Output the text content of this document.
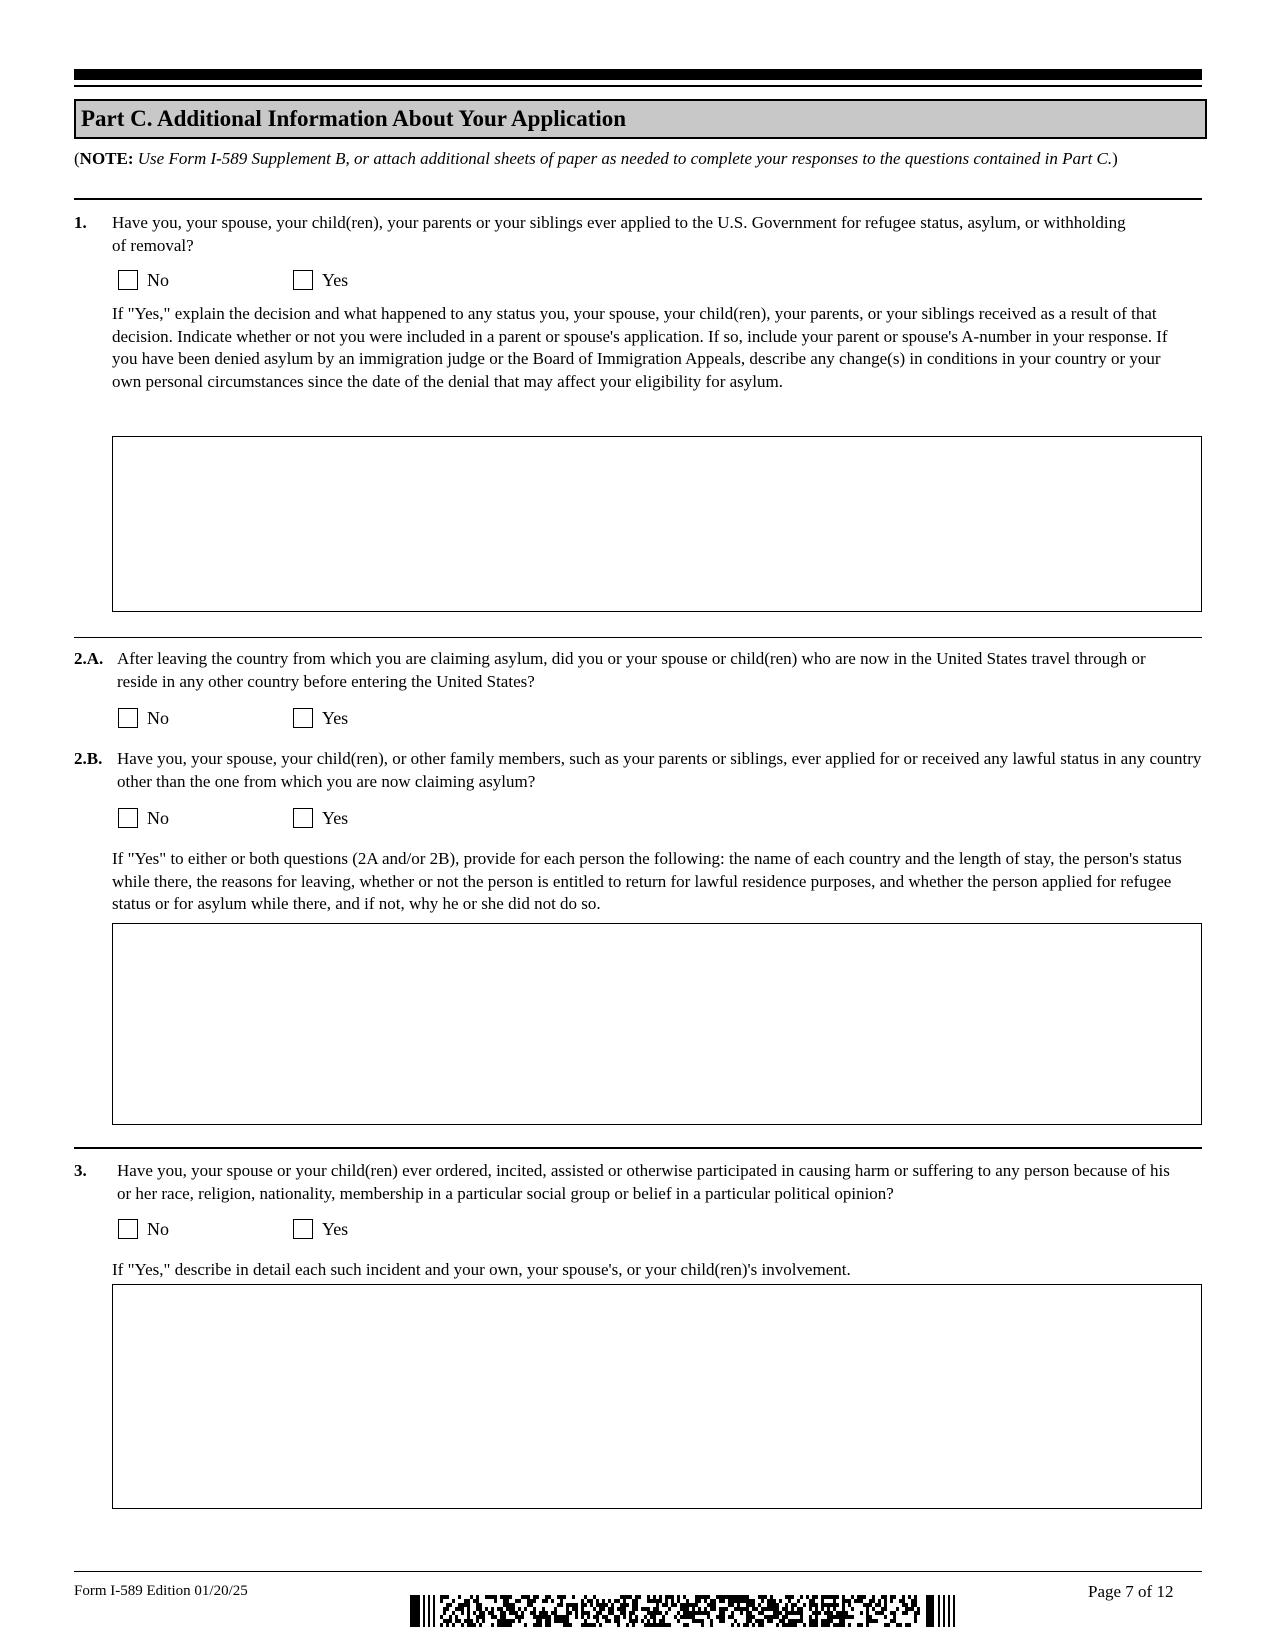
Part C. Additional Information About Your Application
(NOTE: Use Form I-589 Supplement B, or attach additional sheets of paper as needed to complete your responses to the questions contained in Part C.)
1. Have you, your spouse, your child(ren), your parents or your siblings ever applied to the U.S. Government for refugee status, asylum, or withholding of removal?
No	Yes
If "Yes," explain the decision and what happened to any status you, your spouse, your child(ren), your parents, or your siblings received as a result of that decision. Indicate whether or not you were included in a parent or spouse's application. If so, include your parent or spouse's A-number in your response. If you have been denied asylum by an immigration judge or the Board of Immigration Appeals, describe any change(s) in conditions in your country or your own personal circumstances since the date of the denial that may affect your eligibility for asylum.
2.A. After leaving the country from which you are claiming asylum, did you or your spouse or child(ren) who are now in the United States travel through or reside in any other country before entering the United States?
No	Yes
2.B. Have you, your spouse, your child(ren), or other family members, such as your parents or siblings, ever applied for or received any lawful status in any country other than the one from which you are now claiming asylum?
No	Yes
If "Yes" to either or both questions (2A and/or 2B), provide for each person the following: the name of each country and the length of stay, the person's status while there, the reasons for leaving, whether or not the person is entitled to return for lawful residence purposes, and whether the person applied for refugee status or for asylum while there, and if not, why he or she did not do so.
3. Have you, your spouse or your child(ren) ever ordered, incited, assisted or otherwise participated in causing harm or suffering to any person because of his or her race, religion, nationality, membership in a particular social group or belief in a particular political opinion?
No	Yes
If "Yes," describe in detail each such incident and your own, your spouse's, or your child(ren)'s involvement.
Form I-589 Edition 01/20/25	Page 7 of 12
